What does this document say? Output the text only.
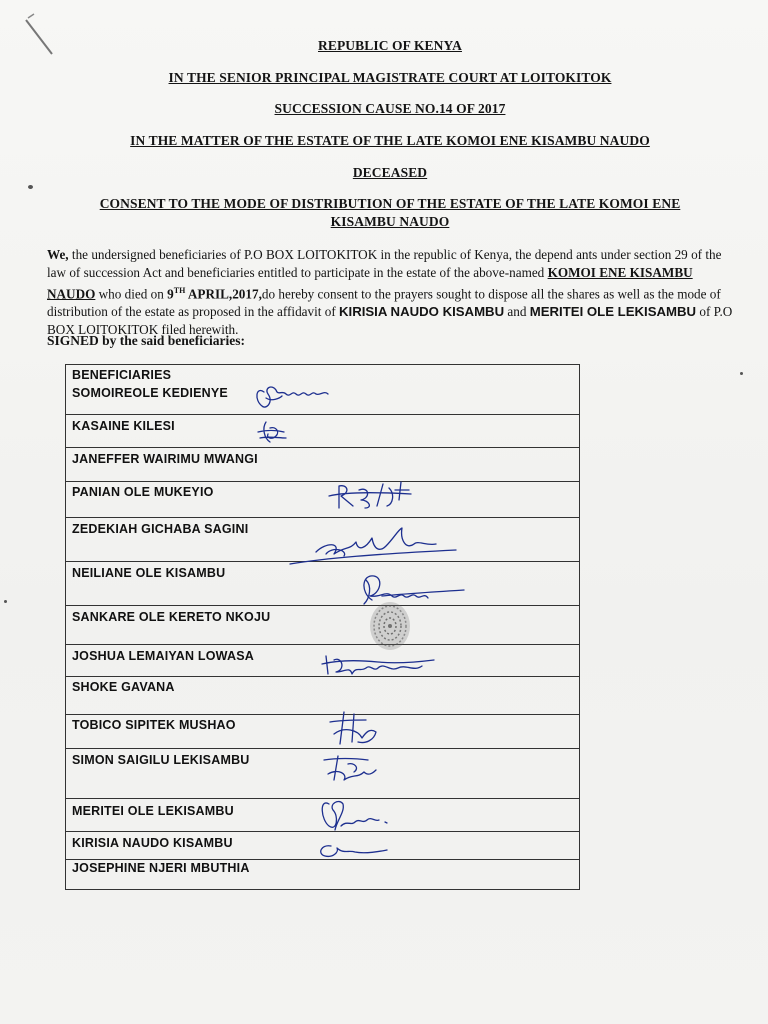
REPUBLIC OF KENYA
IN THE SENIOR PRINCIPAL MAGISTRATE COURT AT LOITOKITOK
SUCCESSION CAUSE NO.14 OF 2017
IN THE MATTER OF THE ESTATE OF THE LATE KOMOI ENE KISAMBU NAUDO
DECEASED
CONSENT TO THE MODE OF DISTRIBUTION OF THE ESTATE OF THE LATE KOMOI ENE
KISAMBU NAUDO
We, the undersigned beneficiaries of P.O BOX LOITOKITOK in the republic of Kenya, the depend ants under section 29 of the law of succession Act and beneficiaries entitled to participate in the estate of the above-named KOMOI ENE KISAMBU NAUDO who died on 9TH APRIL,2017,do hereby consent to the prayers sought to dispose all the shares as well as the mode of distribution of the estate as proposed in the affidavit of KIRISIA NAUDO KISAMBU and MERITEI OLE LEKISAMBU of P.O BOX LOITOKITOK filed herewith.
SIGNED by the said beneficiaries:
BENEFICIARIES
SOMOIREOLE KEDIENYE
KASAINE KILESI
JANEFFER WAIRIMU MWANGI
PANIAN OLE MUKEYIO
ZEDEKIAH GICHABA SAGINI
NEILIANE OLE KISAMBU
SANKARE OLE KERETO NKOJU
JOSHUA LEMAIYAN LOWASA
SHOKE GAVANA
TOBICO SIPITEK MUSHAO
SIMON SAIGILU LEKISAMBU
MERITEI OLE LEKISAMBU
KIRISIA NAUDO KISAMBU
JOSEPHINE NJERI MBUTHIA
